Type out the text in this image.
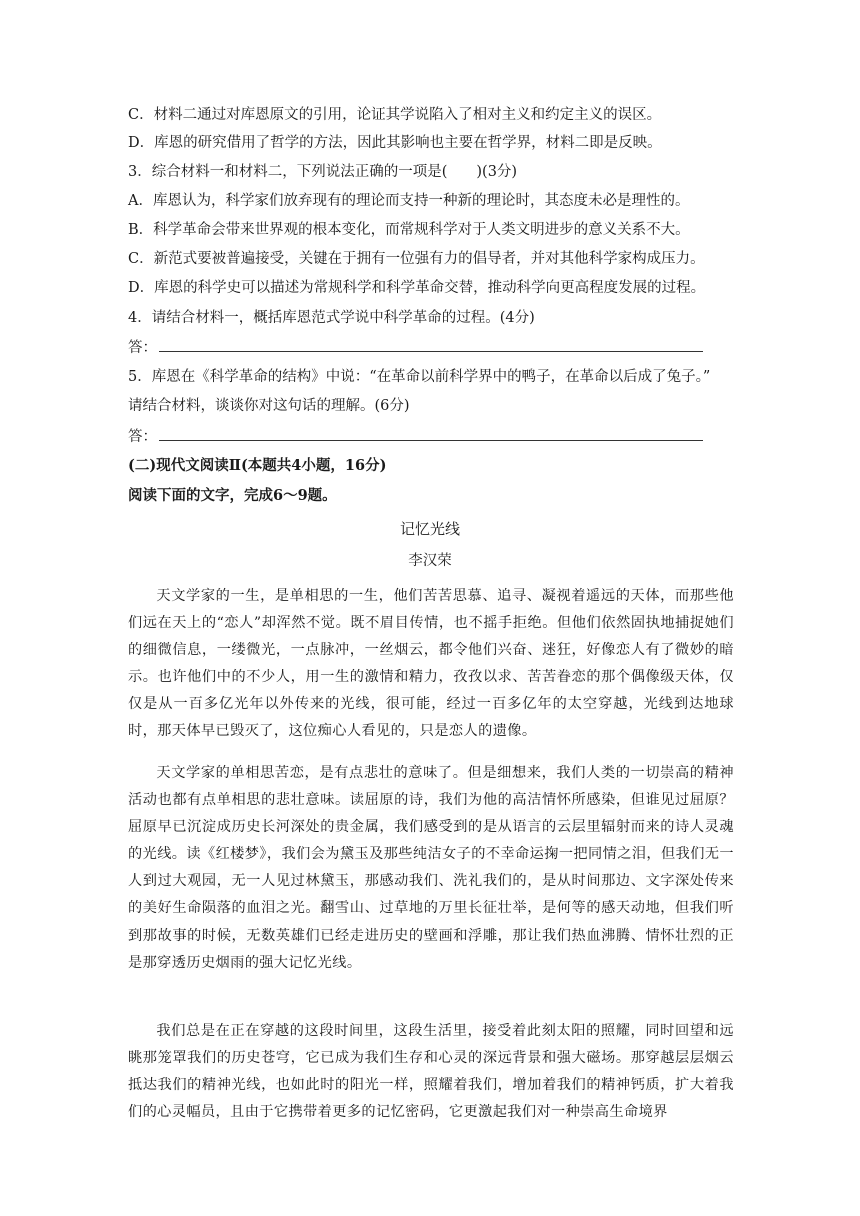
C．材料二通过对库恩原文的引用，论证其学说陷入了相对主义和约定主义的误区。
D．库恩的研究借用了哲学的方法，因此其影响也主要在哲学界，材料二即是反映。
3．综合材料一和材料二，下列说法正确的一项是(　　)(3分)
A．库恩认为，科学家们放弃现有的理论而支持一种新的理论时，其态度未必是理性的。
B．科学革命会带来世界观的根本变化，而常规科学对于人类文明进步的意义关系不大。
C．新范式要被普遍接受，关键在于拥有一位强有力的倡导者，并对其他科学家构成压力。
D．库恩的科学史可以描述为常规科学和科学革命交替，推动科学向更高程度发展的过程。
4．请结合材料一，概括库恩范式学说中科学革命的过程。(4分)
答：
5．库恩在《科学革命的结构》中说：“在革命以前科学界中的鸭子，在革命以后成了兔子。”
请结合材料，谈谈你对这句话的理解。(6分)
答：
(二)现代文阅读Ⅱ(本题共4小题，16分)
阅读下面的文字，完成6～9题。
记忆光线
李汉荣

天文学家的一生，是单相思的一生，他们苦苦思慕、追寻、凝视着遥远的天体，而那些他们远在天上的“恋人”却浑然不觉。既不眉目传情，也不摇手拒绝。但他们依然固执地捕捉她们的细微信息，一缕微光，一点脉冲，一丝烟云，都令他们兴奋、迷狂，好像恋人有了微妙的暗示。也许他们中的不少人，用一生的激情和精力，孜孜以求、苦苦眷恋的那个偶像级天体，仅仅是从一百多亿光年以外传来的光线，很可能，经过一百多亿年的太空穿越，光线到达地球时，那天体早已毁灭了，这位痴心人看见的，只是恋人的遗像。

天文学家的单相思苦恋，是有点悲壮的意味了。但是细想来，我们人类的一切崇高的精神活动也都有点单相思的悲壮意味。读屈原的诗，我们为他的高洁情怀所感染，但谁见过屈原？屈原早已沉淀成历史长河深处的贵金属，我们感受到的是从语言的云层里辐射而来的诗人灵魂的光线。读《红楼梦》，我们会为黛玉及那些纯洁女子的不幸命运掬一把同情之泪，但我们无一人到过大观园，无一人见过林黛玉，那感动我们、洗礼我们的，是从时间那边、文字深处传来的美好生命陨落的血泪之光。翻雪山、过草地的万里长征壮举，是何等的感天动地，但我们听到那故事的时候，无数英雄们已经走进历史的壁画和浮雕，那让我们热血沸腾、情怀壮烈的正是那穿透历史烟雨的强大记忆光线。

我们总是在正在穿越的这段时间里，这段生活里，接受着此刻太阳的照耀，同时回望和远眺那笼罩我们的历史苍穹，它已成为我们生存和心灵的深远背景和强大磁场。那穿越层层烟云抵达我们的精神光线，也如此时的阳光一样，照耀着我们，增加着我们的精神钙质，扩大着我们的心灵幅员，且由于它携带着更多的记忆密码，它更激起我们对一种崇高生命境界
